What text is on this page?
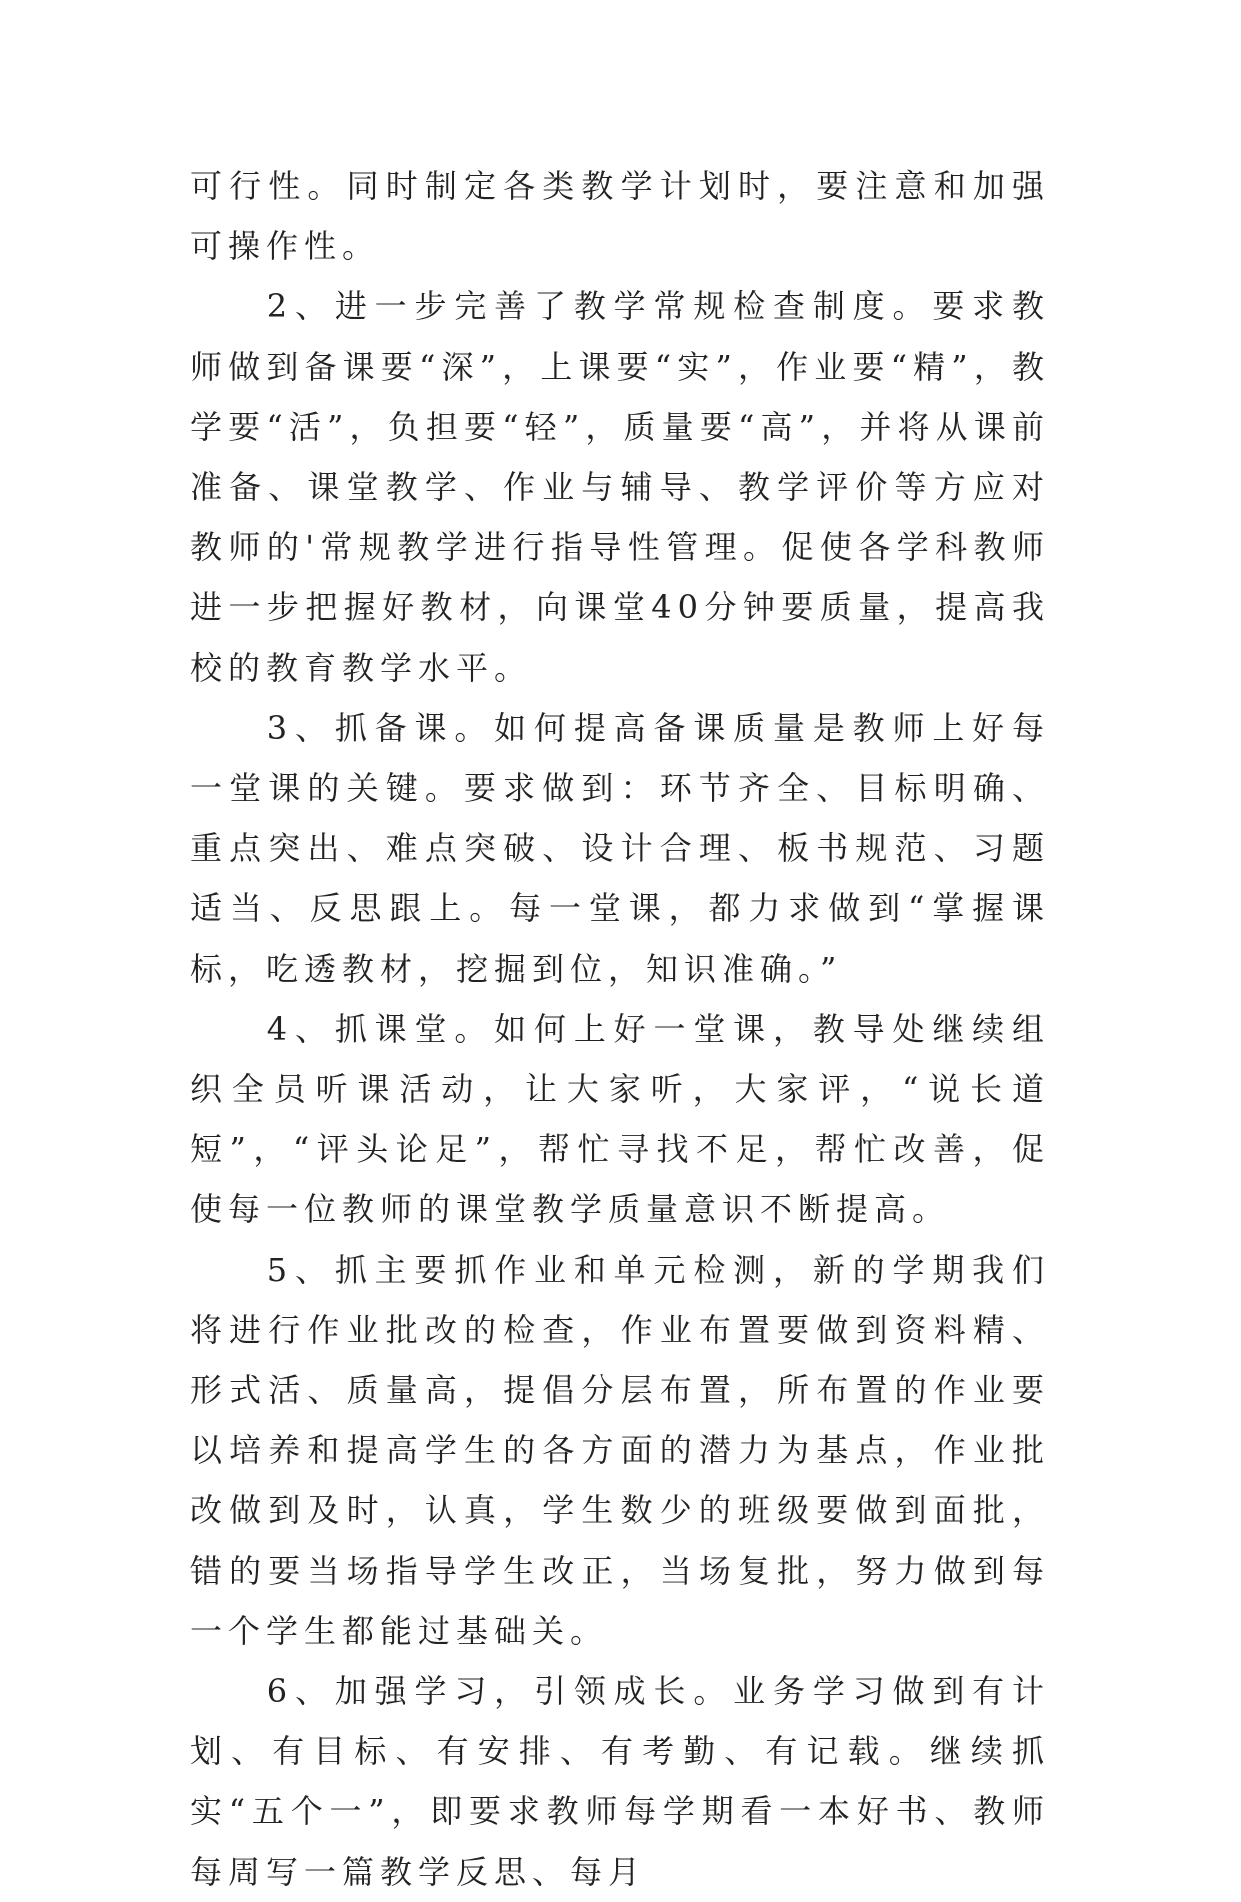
可行性。同时制定各类教学计划时，要注意和加强可操作性。

2、进一步完善了教学常规检查制度。要求教师做到备课要“深”，上课要“实”，作业要“精”，教学要“活”，负担要“轻”，质量要“高”，并将从课前准备、课堂教学、作业与辅导、教学评价等方应对教师的'常规教学进行指导性管理。促使各学科教师进一步把握好教材，向课堂40分钟要质量，提高我校的教育教学水平。

3、抓备课。如何提高备课质量是教师上好每一堂课的关键。要求做到：环节齐全、目标明确、重点突出、难点突破、设计合理、板书规范、习题适当、反思跟上。每一堂课，都力求做到“掌握课标，吃透教材，挖掘到位，知识准确。”

4、抓课堂。如何上好一堂课，教导处继续组织全员听课活动，让大家听，大家评，“说长道短”，“评头论足”，帮忙寻找不足，帮忙改善，促使每一位教师的课堂教学质量意识不断提高。

5、抓主要抓作业和单元检测，新的学期我们将进行作业批改的检查，作业布置要做到资料精、形式活、质量高，提倡分层布置，所布置的作业要以培养和提高学生的各方面的潜力为基点，作业批改做到及时，认真，学生数少的班级要做到面批，错的要当场指导学生改正，当场复批，努力做到每一个学生都能过基础关。

6、加强学习，引领成长。业务学习做到有计划、有目标、有安排、有考勤、有记载。继续抓实“五个一”，即要求教师每学期看一本好书、教师每周写一篇教学反思、每月
